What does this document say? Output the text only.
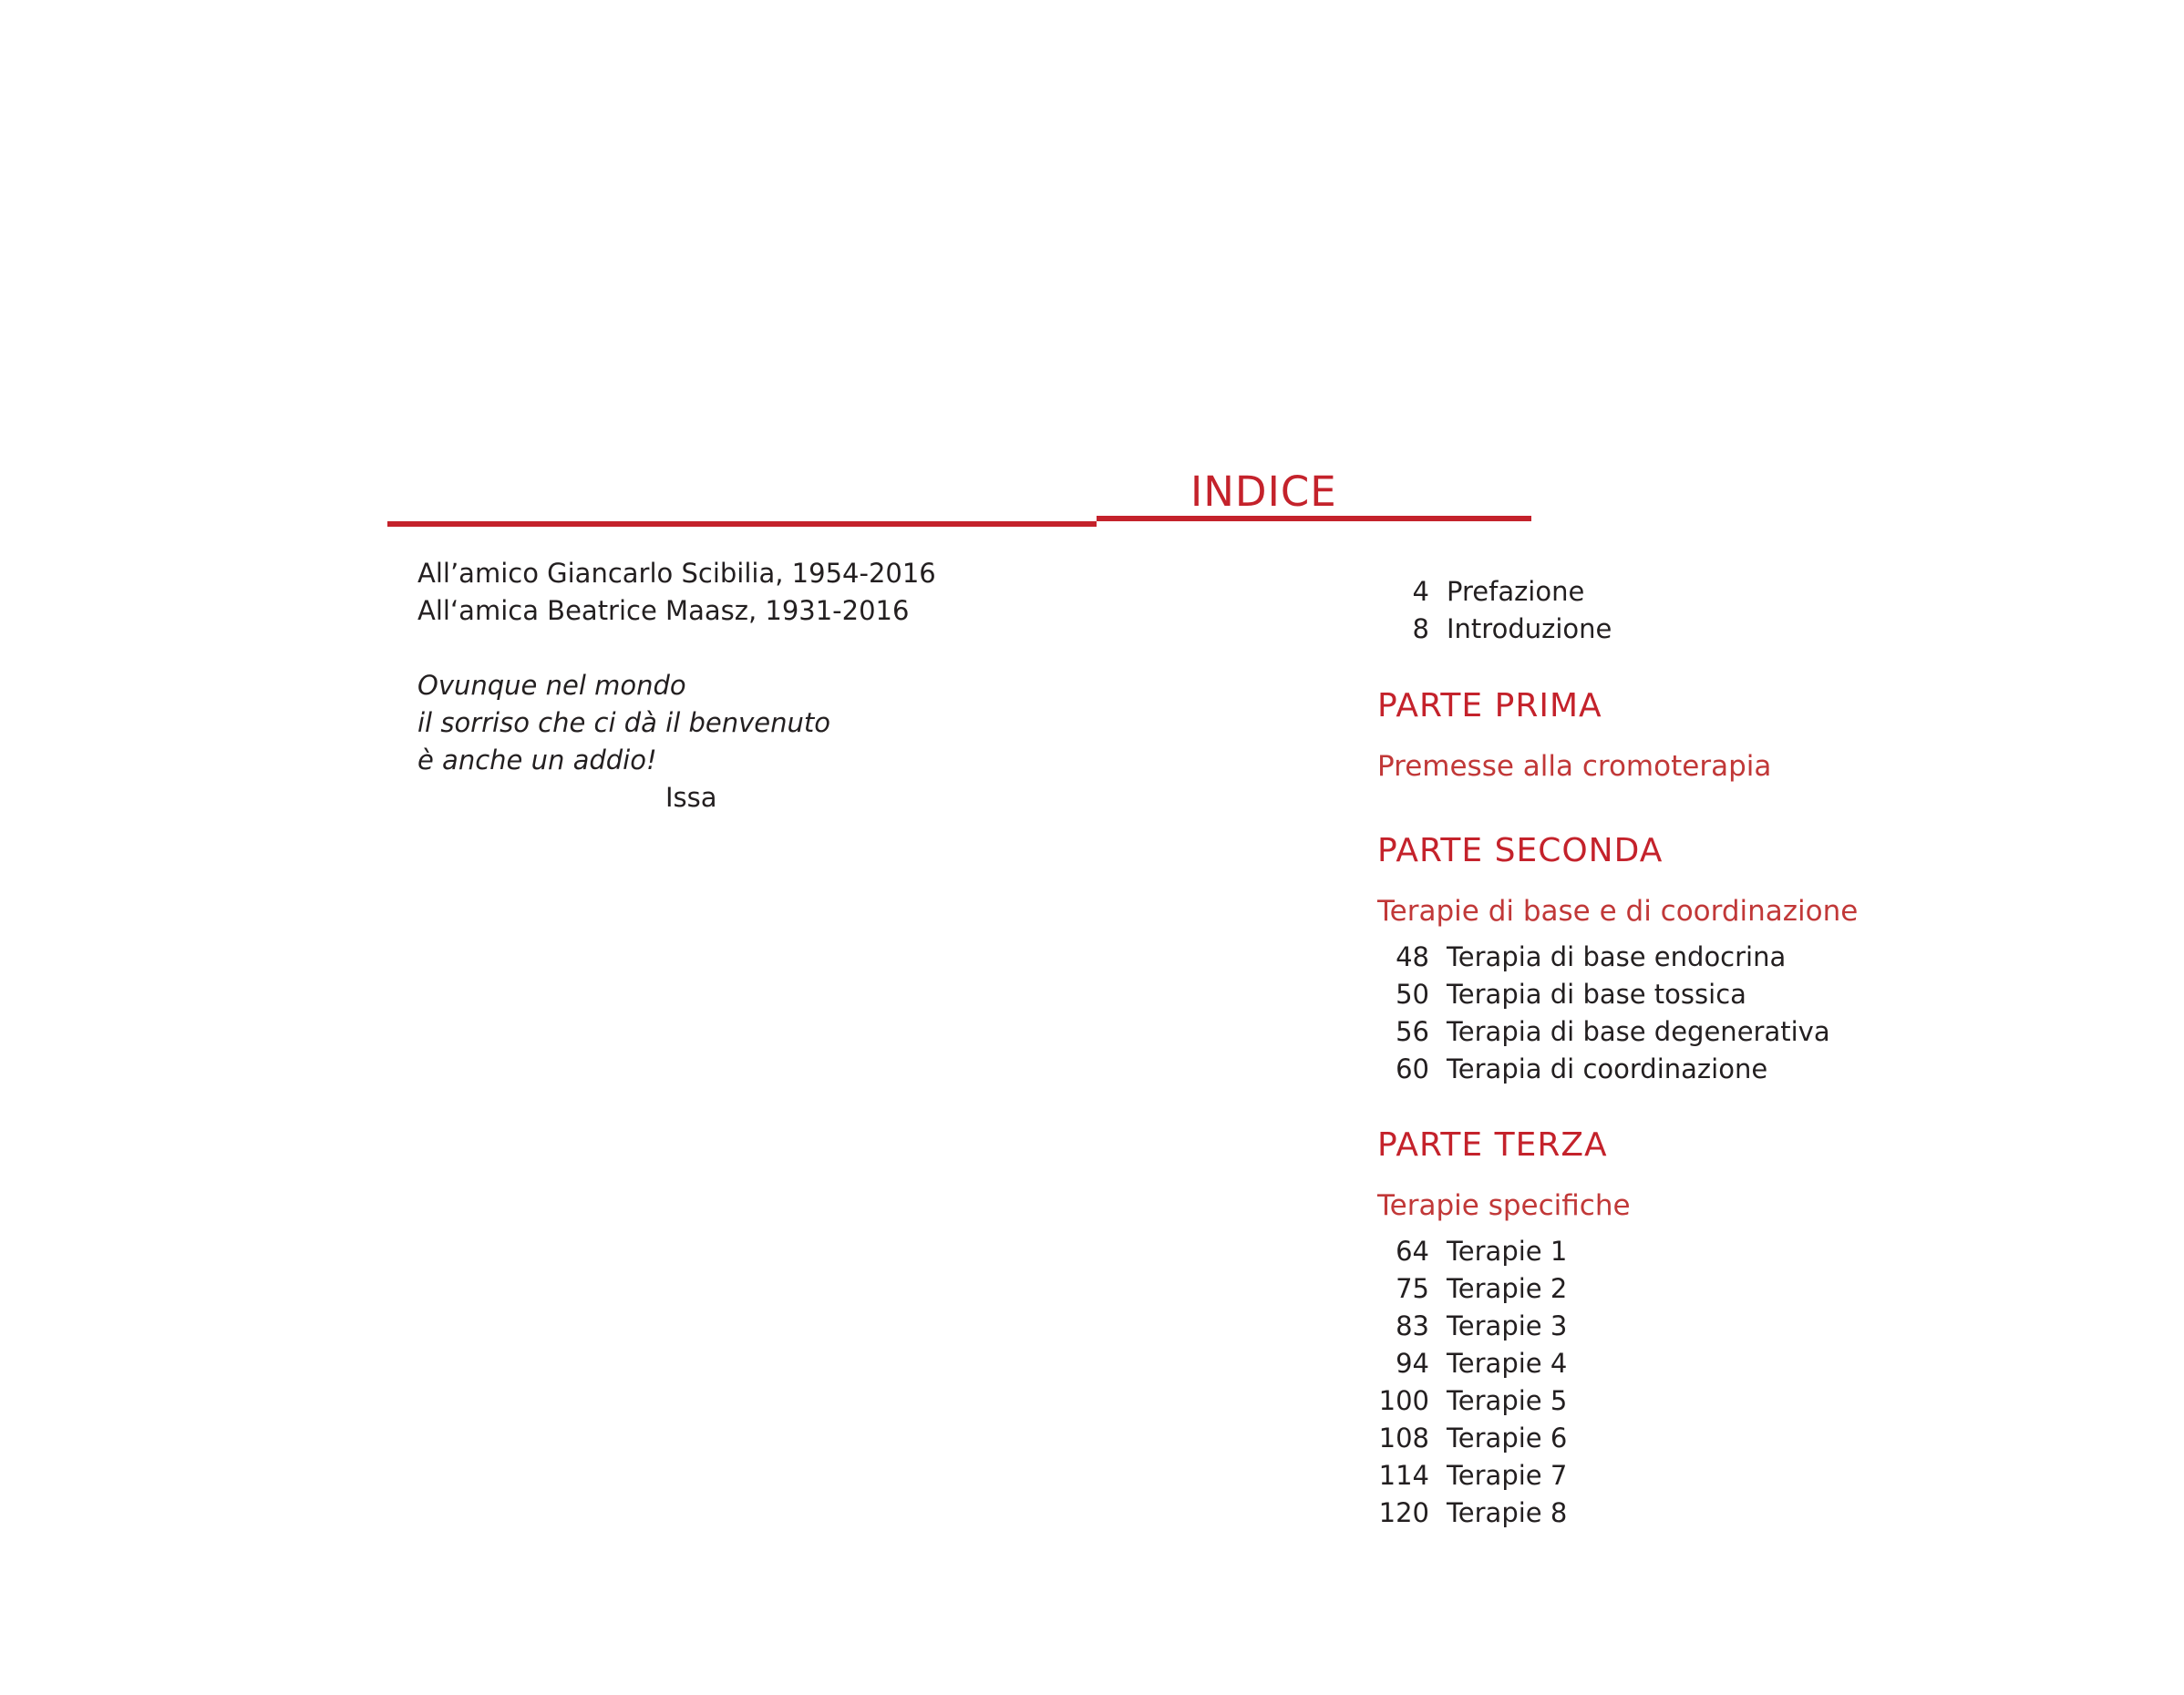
INDICE
All’amico Giancarlo Scibilia, 1954-2016
All‘amica Beatrice Maasz, 1931-2016
Ovunque nel mondo
il sorriso che ci dà il benvenuto
è anche un addio!
Issa
4 Prefazione
8 Introduzione
PARTE PRIMA
Premesse alla cromoterapia
PARTE SECONDA
Terapie di base e di coordinazione
48 Terapia di base endocrina
50 Terapia di base tossica
56 Terapia di base degenerativa
60 Terapia di coordinazione
PARTE TERZA
Terapie specifiche
64 Terapie 1
75 Terapie 2
83 Terapie 3
94 Terapie 4
100 Terapie 5
108 Terapie 6
114 Terapie 7
120 Terapie 8
